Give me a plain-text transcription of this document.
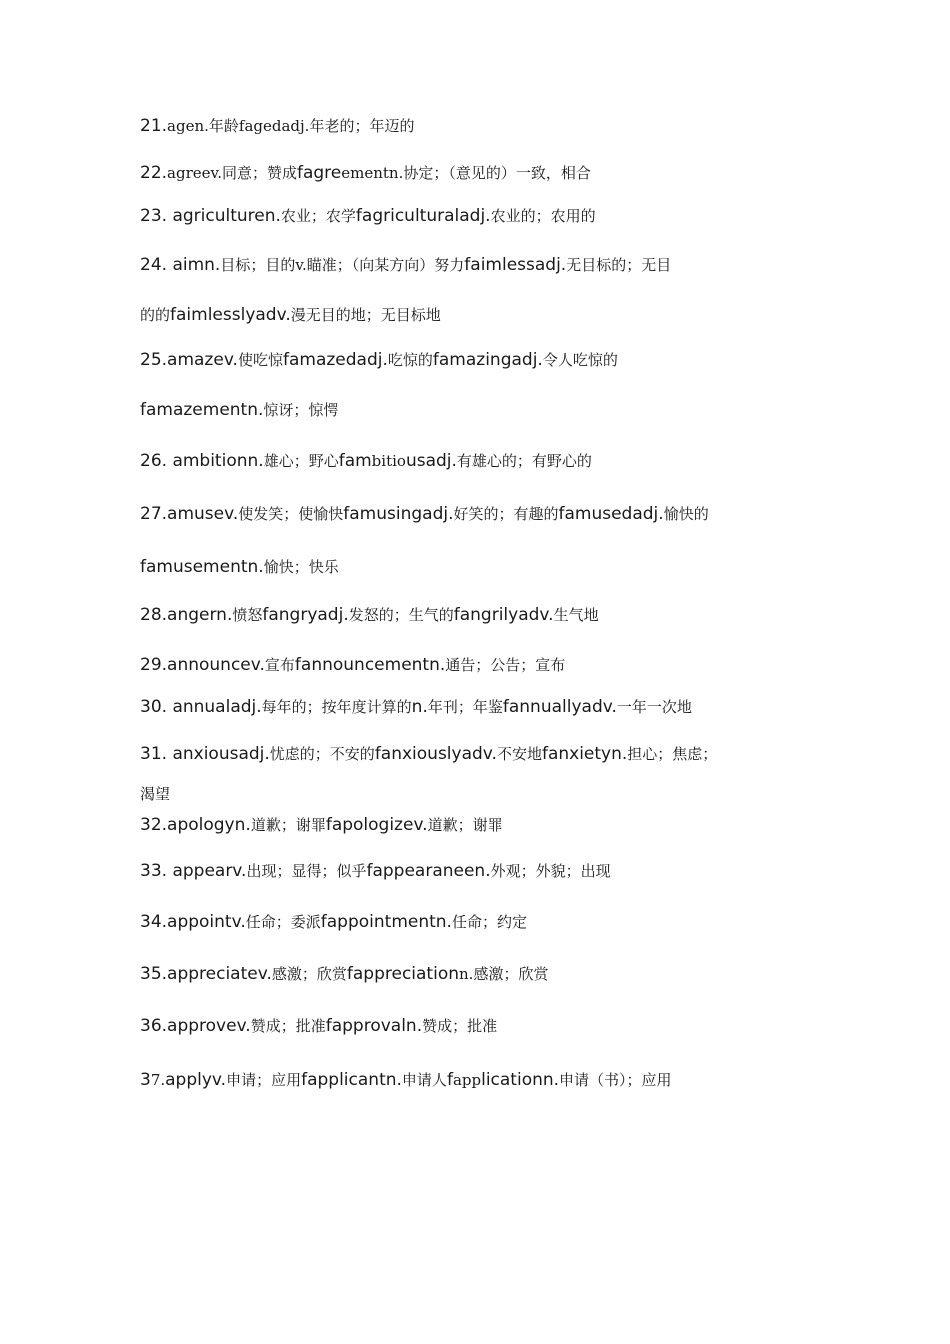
21.agen.年龄fagedadj.年老的；年迈的
22.agreev.同意；赞成fagreementn.协定；（意见的）一致，相合
23. agriculturen.农业；农学fagriculturaladj.农业的；农用的
24. aimn.目标；目的v.瞄准；（向某方向）努力faimlessadj.无目标的；无目
的的faimlesslyadv.漫无目的地；无目标地
25.amazev.使吃惊famazedadj.吃惊的famazingadj.令人吃惊的
famazementn.惊讶；惊愕
26. ambitionn.雄心；野心fambitiousadj.有雄心的；有野心的
27.amusev.使发笑；使愉快famusingadj.好笑的；有趣的famusedadj.愉快的
famusementn.愉快；快乐
28.angern.愤怒fangryadj.发怒的；生气的fangrilyadv.生气地
29.announcev.宣布fannouncementn.通告；公告；宣布
30. annualadj.每年的；按年度计算的n.年刊；年鉴fannuallyadv.一年一次地
31. anxiousadj.忧虑的；不安的fanxiouslyadv.不安地fanxietyn.担心；焦虑；
渴望
32.apologyn.道歉；谢罪fapologizev.道歉；谢罪
33. appearv.出现；显得；似乎fappearaneen.外观；外貌；出现
34.appointv.任命；委派fappointmentn.任命；约定
35.appreciatev.感激；欣赏fappreciationn.感激；欣赏
36.approvev.赞成；批准fapprovaln.赞成；批准
37.applyv.申请；应用fapplicantn.申请人fapplicationn.申请（书）；应用
